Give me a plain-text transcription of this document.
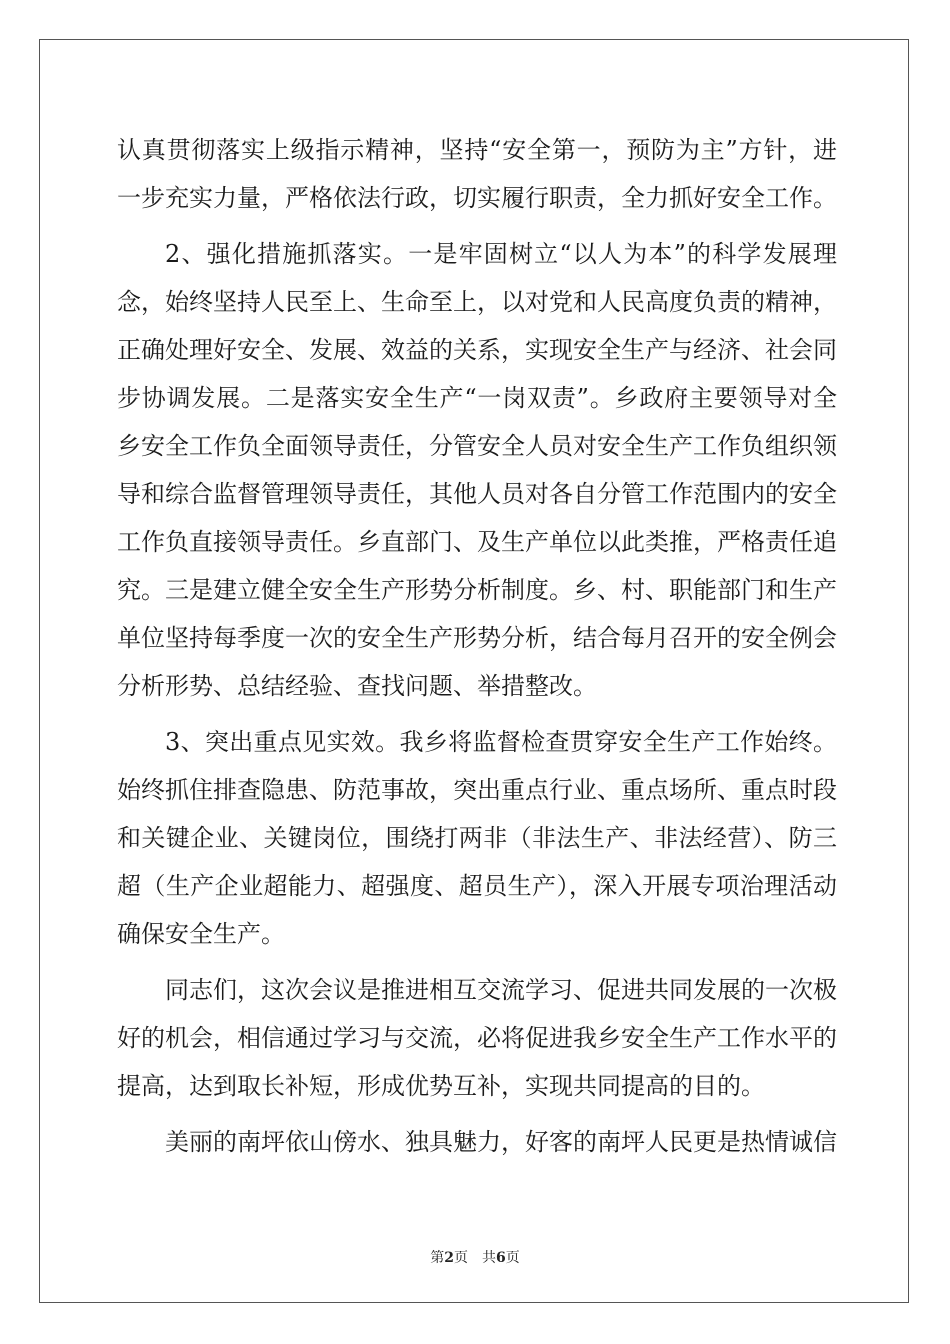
认真贯彻落实上级指示精神，坚持“安全第一，预防为主”方针，进
一步充实力量，严格依法行政，切实履行职责，全力抓好安全工作。
2、强化措施抓落实。一是牢固树立“以人为本”的科学发展理
念，始终坚持人民至上、生命至上，以对党和人民高度负责的精神，
正确处理好安全、发展、效益的关系，实现安全生产与经济、社会同
步协调发展。二是落实安全生产“一岗双责”。乡政府主要领导对全
乡安全工作负全面领导责任，分管安全人员对安全生产工作负组织领
导和综合监督管理领导责任，其他人员对各自分管工作范围内的安全
工作负直接领导责任。乡直部门、及生产单位以此类推，严格责任追
究。三是建立健全安全生产形势分析制度。乡、村、职能部门和生产
单位坚持每季度一次的安全生产形势分析，结合每月召开的安全例会
分析形势、总结经验、查找问题、举措整改。
3、突出重点见实效。我乡将监督检查贯穿安全生产工作始终。
始终抓住排查隐患、防范事故，突出重点行业、重点场所、重点时段
和关键企业、关键岗位，围绕打两非（非法生产、非法经营）、防三
超（生产企业超能力、超强度、超员生产），深入开展专项治理活动
确保安全生产。
同志们，这次会议是推进相互交流学习、促进共同发展的一次极
好的机会，相信通过学习与交流，必将促进我乡安全生产工作水平的
提高，达到取长补短，形成优势互补，实现共同提高的目的。
美丽的南坪依山傍水、独具魅力，好客的南坪人民更是热情诚信
第2页 共6页
